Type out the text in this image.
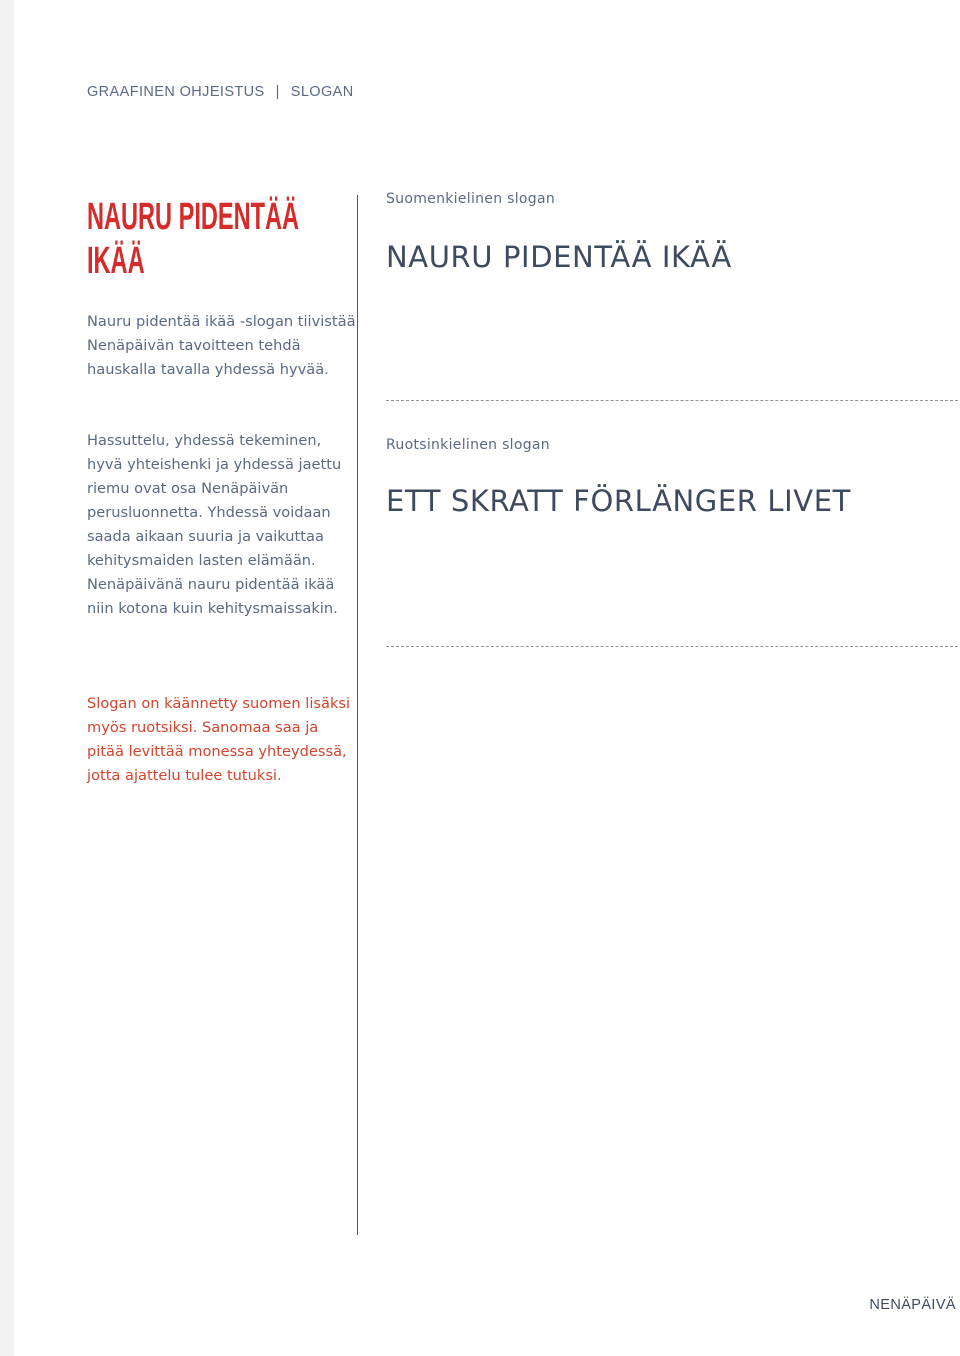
GRAAFINEN OHJEISTUS | SLOGAN
NAURU PIDENTÄÄ
IKÄÄ

Nauru pidentää ikää -slogan tiivistää Nenäpäivän tavoitteen tehdä hauskalla tavalla yhdessä hyvää.

Hassuttelu, yhdessä tekeminen, hyvä yhteishenki ja yhdessä jaettu riemu ovat osa Nenäpäivän perusluonnetta. Yhdessä voidaan saada aikaan suuria ja vaikuttaa kehitysmaiden lasten elämään. Nenäpäivänä nauru pidentää ikää niin kotona kuin kehitysmaissakin.

Slogan on käännetty suomen lisäksi myös ruotsiksi. Sanomaa saa ja pitää levittää monessa yhteydessä, jotta ajattelu tulee tutuksi.

Suomenkielinen slogan
NAURU PIDENTÄÄ IKÄÄ
Ruotsinkielinen slogan
ETT SKRATT FÖRLÄNGER LIVET
NENÄPÄIVÄ
